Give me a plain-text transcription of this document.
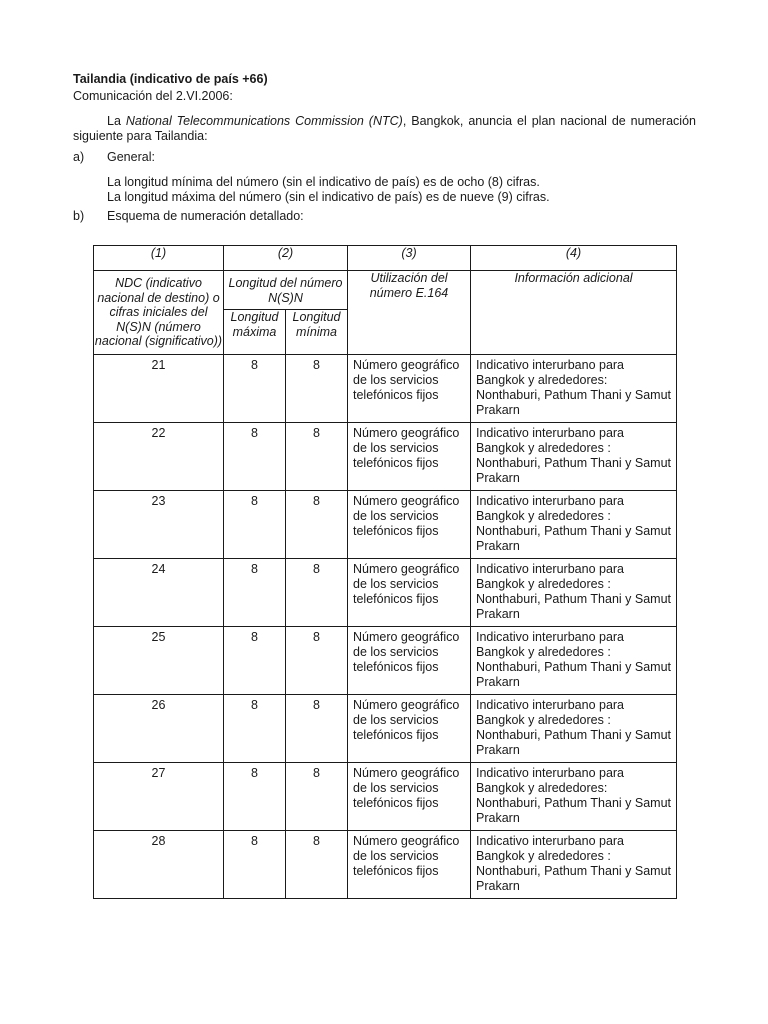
Tailandia (indicativo de país +66)

Comunicación del 2.VI.2006:

La National Telecommunications Commission (NTC), Bangkok, anuncia el plan nacional de numeración siguiente para Tailandia:

a)	General:
La longitud mínima del número (sin el indicativo de país) es de ocho (8) cifras.
La longitud máxima del número (sin el indicativo de país) es de nueve (9) cifras.
b)	Esquema de numeración detallado:
(1)	(2)		(3)	(4)
NDC (indicativo nacional de destino) o cifras iniciales del N(S)N (número nacional (significativo))	Longitud del número N(S)N		Utilización del número E.164	Información adicional
	Longitud máxima	Longitud mínima		
21	8	8	Número geográfico de los servicios telefónicos fijos	Indicativo interurbano para Bangkok y alrededores: Nonthaburi, Pathum Thani y Samut Prakarn
22	8	8	Número geográfico de los servicios telefónicos fijos	Indicativo interurbano para Bangkok y alrededores : Nonthaburi, Pathum Thani y Samut Prakarn
23	8	8	Número geográfico de los servicios telefónicos fijos	Indicativo interurbano para Bangkok y alrededores : Nonthaburi, Pathum Thani y Samut Prakarn
24	8	8	Número geográfico de los servicios telefónicos fijos	Indicativo interurbano para Bangkok y alrededores : Nonthaburi, Pathum Thani y Samut Prakarn
25	8	8	Número geográfico de los servicios telefónicos fijos	Indicativo interurbano para Bangkok y alrededores : Nonthaburi, Pathum Thani y Samut Prakarn
26	8	8	Número geográfico de los servicios telefónicos fijos	Indicativo interurbano para Bangkok y alrededores : Nonthaburi, Pathum Thani y Samut Prakarn
27	8	8	Número geográfico de los servicios telefónicos fijos	Indicativo interurbano para Bangkok y alrededores: Nonthaburi, Pathum Thani y Samut Prakarn
28	8	8	Número geográfico de los servicios telefónicos fijos	Indicativo interurbano para Bangkok y alrededores : Nonthaburi, Pathum Thani y Samut Prakarn
